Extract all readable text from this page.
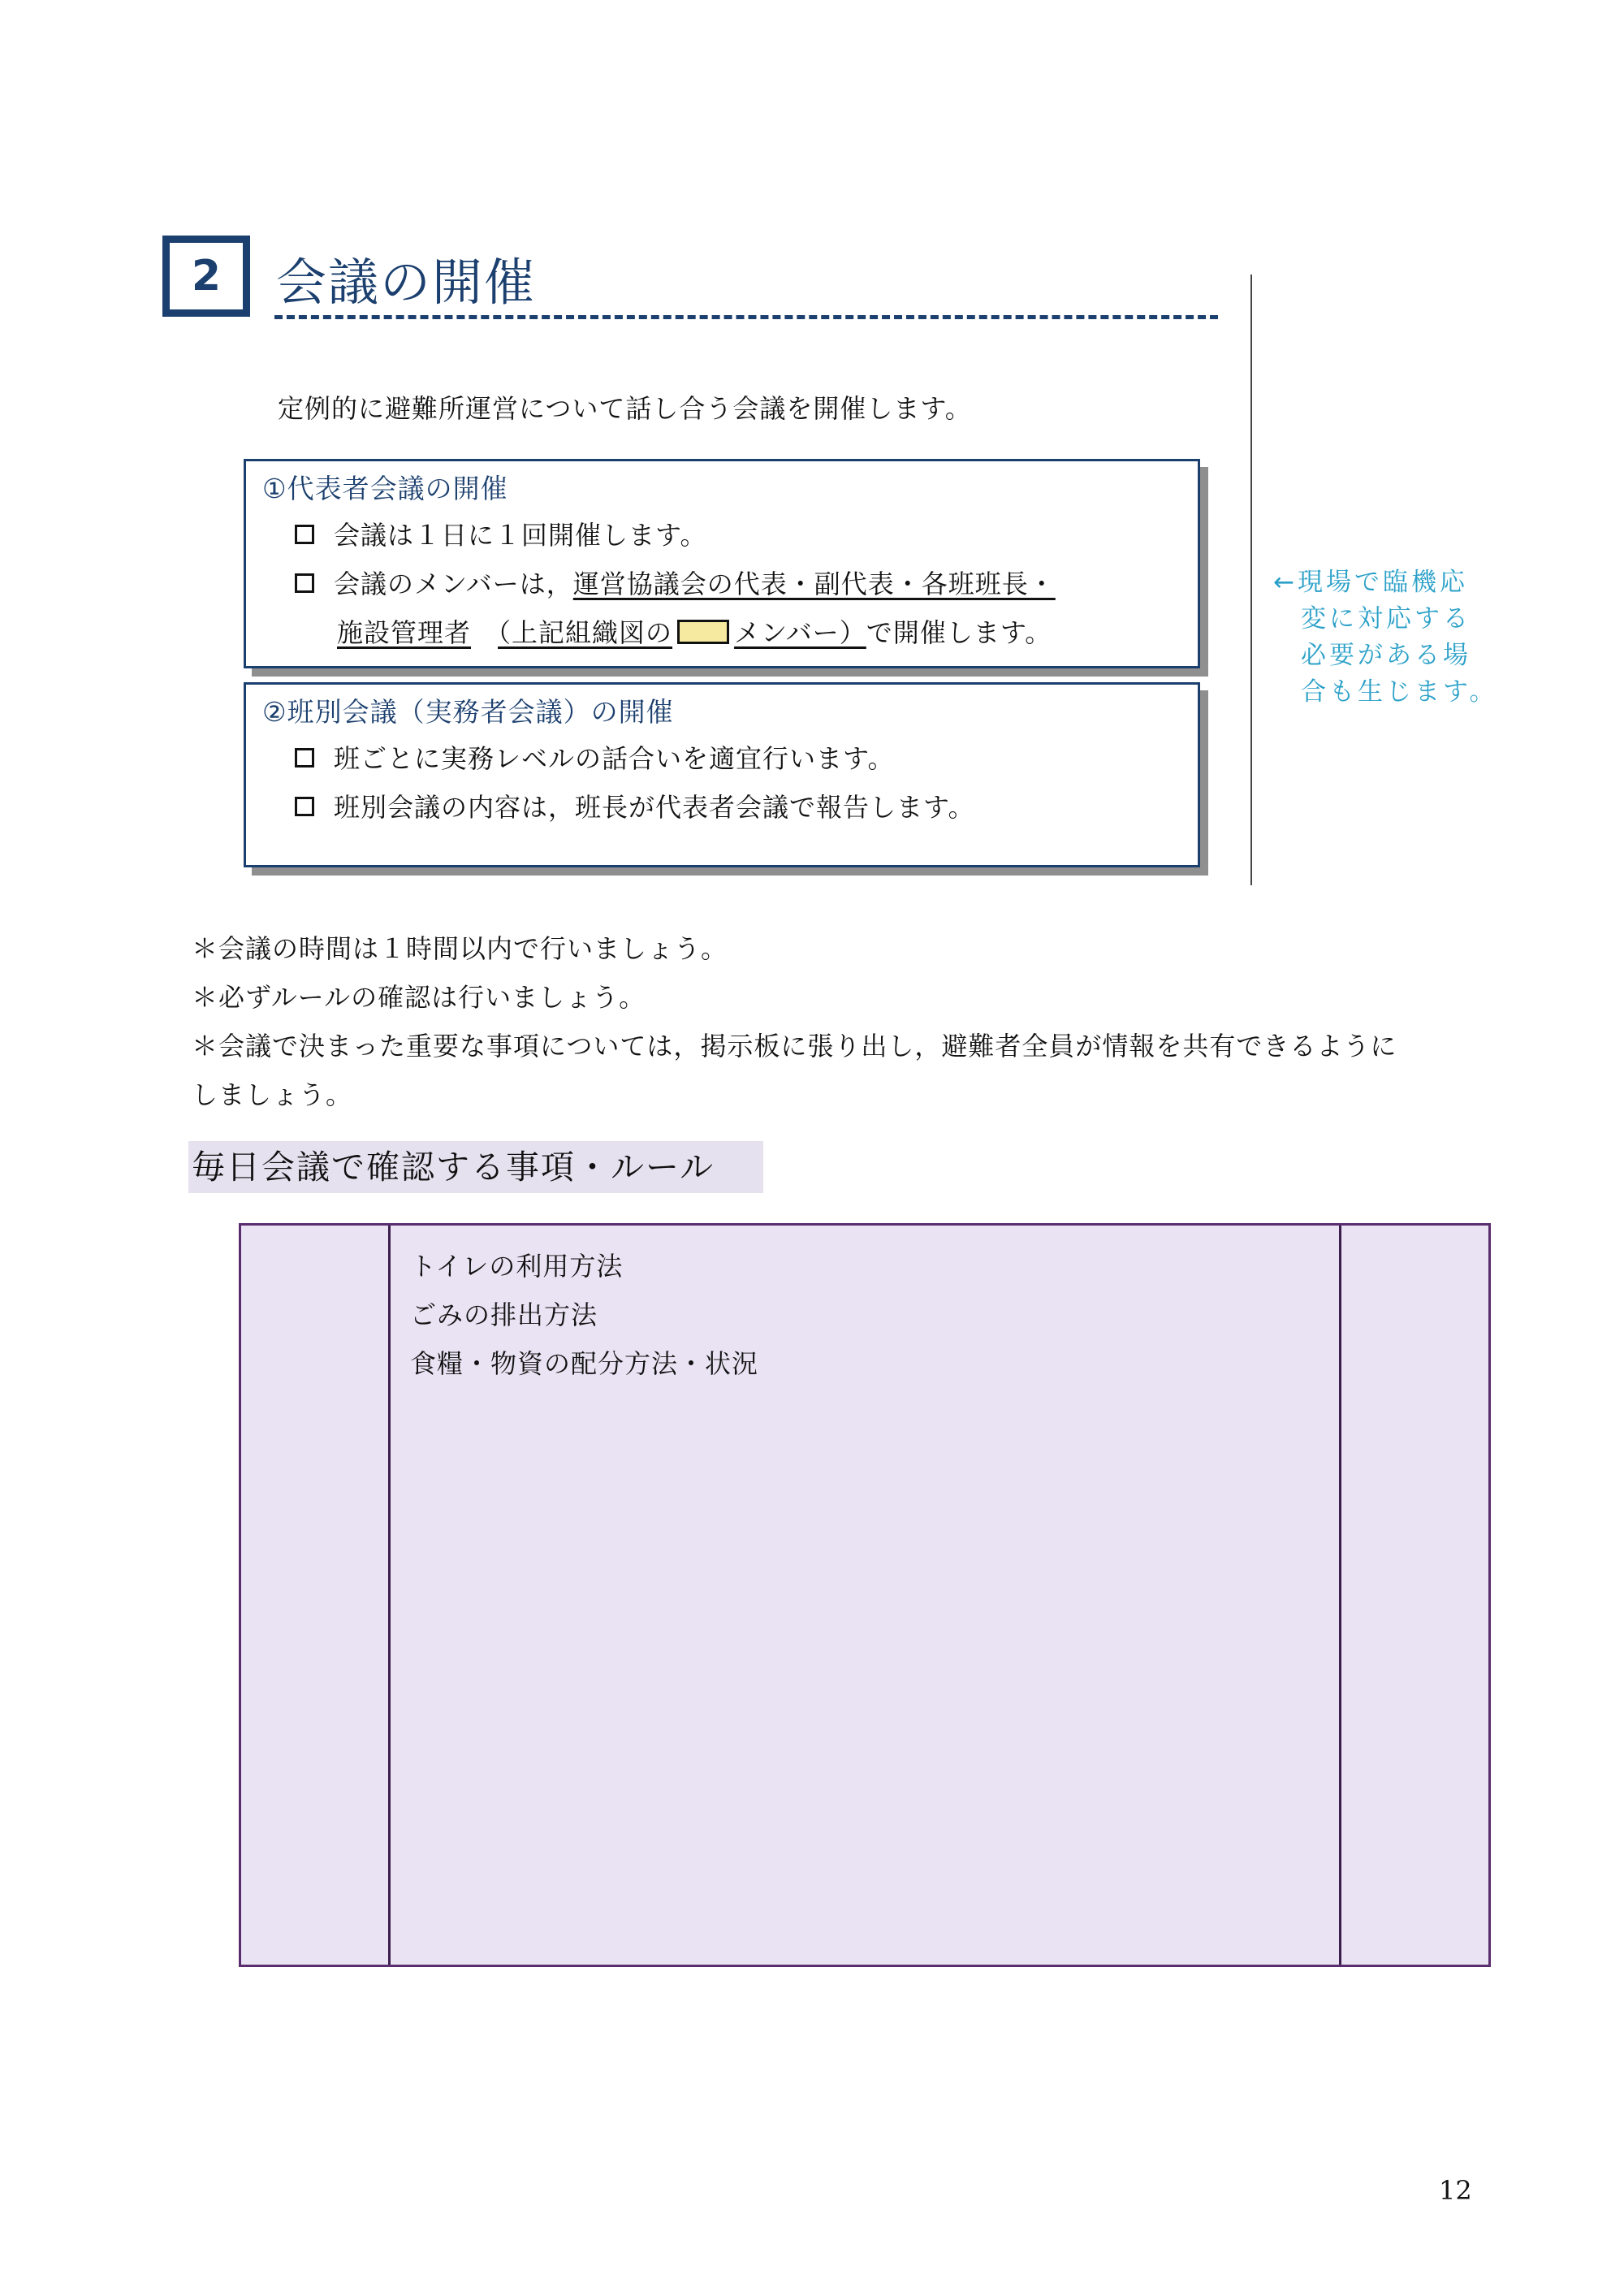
2	会議の開催
定例的に避難所運営について話し合う会議を開催します。
①代表者会議の開催
会議は１日に１回開催します。
会議のメンバーは，運営協議会の代表・副代表・各班班長・
施設管理者　 （上記組織図の メンバー）で開催します。
②班別会議（実務者会議）の開催
班ごとに実務レベルの話合いを適宜行います。
班別会議の内容は，班長が代表者会議で報告します。
←現場で臨機応
変に対応する
必要がある場
合も生じます。
＊会議の時間は１時間以内で行いましょう。
＊必ずルールの確認は行いましょう。
＊会議で決まった重要な事項については，掲示板に張り出し，避難者全員が情報を共有できるように
しましょう。
毎日会議で確認する事項・ルール
トイレの利用方法
ごみの排出方法
食糧・物資の配分方法・状況
12
